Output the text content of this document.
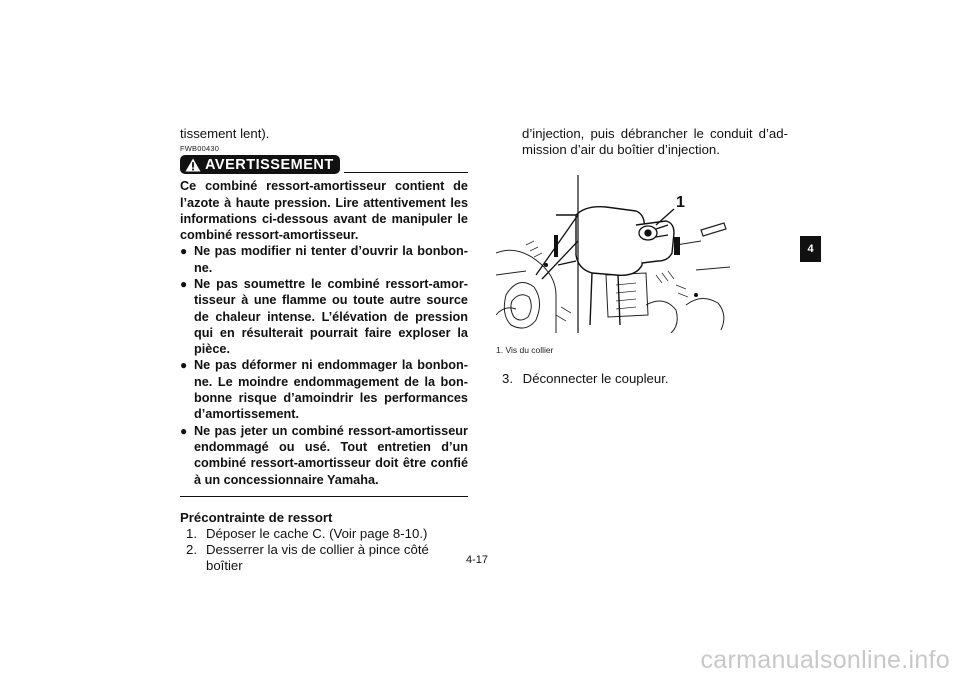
tissement lent).

FWB00430
AVERTISSEMENT

Ce combiné ressort-amortisseur contient de l’azote à haute pression. Lire attentivement les informations ci-dessous avant de manipuler le combiné ressort-amortisseur.

● Ne pas modifier ni tenter d’ouvrir la bonbon-ne.
● Ne pas soumettre le combiné ressort-amor-tisseur à une flamme ou toute autre source de chaleur intense. L’élévation de pression qui en résulterait pourrait faire exploser la pièce.
● Ne pas déformer ni endommager la bonbon-ne. Le moindre endommagement de la bon-bonne risque d’amoindrir les performances d’amortissement.
● Ne pas jeter un combiné ressort-amortisseur endommagé ou usé. Tout entretien d’un combiné ressort-amortisseur doit être confié à un concessionnaire Yamaha.
Précontrainte de ressort
1. Déposer le cache C. (Voir page 8-10.)
2. Desserrer la vis de collier à pince côté boîtier

d’injection, puis débrancher le conduit d’ad-mission d’air du boîtier d’injection.

1
1. Vis du collier
3. Déconnecter le coupleur.
4-17
4
carmanualsonline.info
